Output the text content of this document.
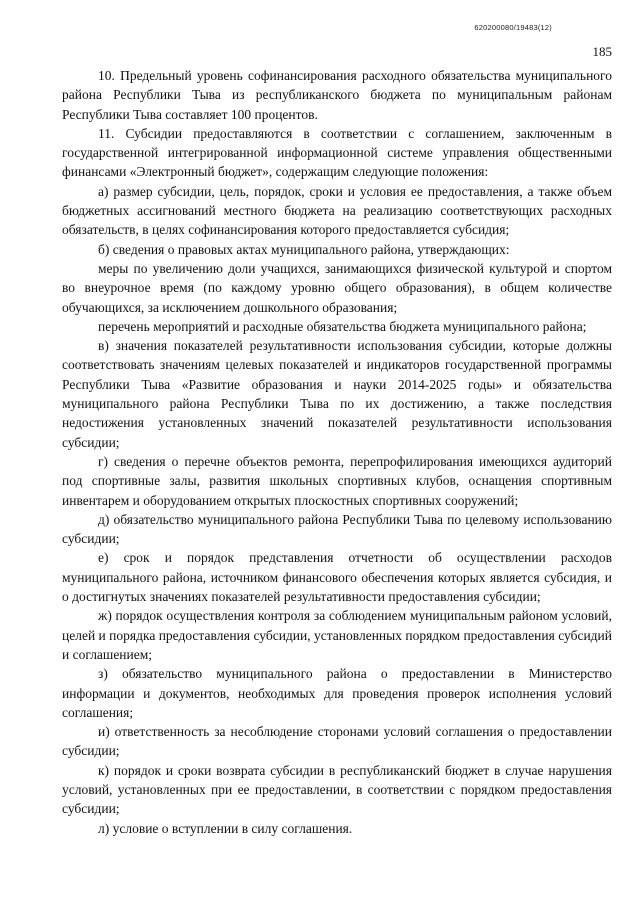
620200080/19483(12)
185

10. Предельный уровень софинансирования расходного обязательства муниципального района Республики Тыва из республиканского бюджета по муниципальным районам Республики Тыва составляет 100 процентов.

11. Субсидии предоставляются в соответствии с соглашением, заключенным в государственной интегрированной информационной системе управления общественными финансами «Электронный бюджет», содержащим следующие положения:

а) размер субсидии, цель, порядок, сроки и условия ее предоставления, а также объем бюджетных ассигнований местного бюджета на реализацию соответствующих расходных обязательств, в целях софинансирования которого предоставляется субсидия;

б) сведения о правовых актах муниципального района, утверждающих:

меры по увеличению доли учащихся, занимающихся физической культурой и спортом во внеурочное время (по каждому уровню общего образования), в общем количестве обучающихся, за исключением дошкольного образования;

перечень мероприятий и расходные обязательства бюджета муниципального района;

в) значения показателей результативности использования субсидии, которые должны соответствовать значениям целевых показателей и индикаторов государственной программы Республики Тыва «Развитие образования и науки 2014-2025 годы» и обязательства муниципального района Республики Тыва по их достижению, а также последствия недостижения установленных значений показателей результативности использования субсидии;

г) сведения о перечне объектов ремонта, перепрофилирования имеющихся аудиторий под спортивные залы, развития школьных спортивных клубов, оснащения спортивным инвентарем и оборудованием открытых плоскостных спортивных сооружений;

д) обязательство муниципального района Республики Тыва по целевому использованию субсидии;

е) срок и порядок представления отчетности об осуществлении расходов муниципального района, источником финансового обеспечения которых является субсидия, и о достигнутых значениях показателей результативности предоставления субсидии;

ж) порядок осуществления контроля за соблюдением муниципальным районом условий, целей и порядка предоставления субсидии, установленных порядком предоставления субсидий и соглашением;

з) обязательство муниципального района о предоставлении в Министерство информации и документов, необходимых для проведения проверок исполнения условий соглашения;

и) ответственность за несоблюдение сторонами условий соглашения о предоставлении субсидии;

к) порядок и сроки возврата субсидии в республиканский бюджет в случае нарушения условий, установленных при ее предоставлении, в соответствии с порядком предоставления субсидии;

л) условие о вступлении в силу соглашения.
